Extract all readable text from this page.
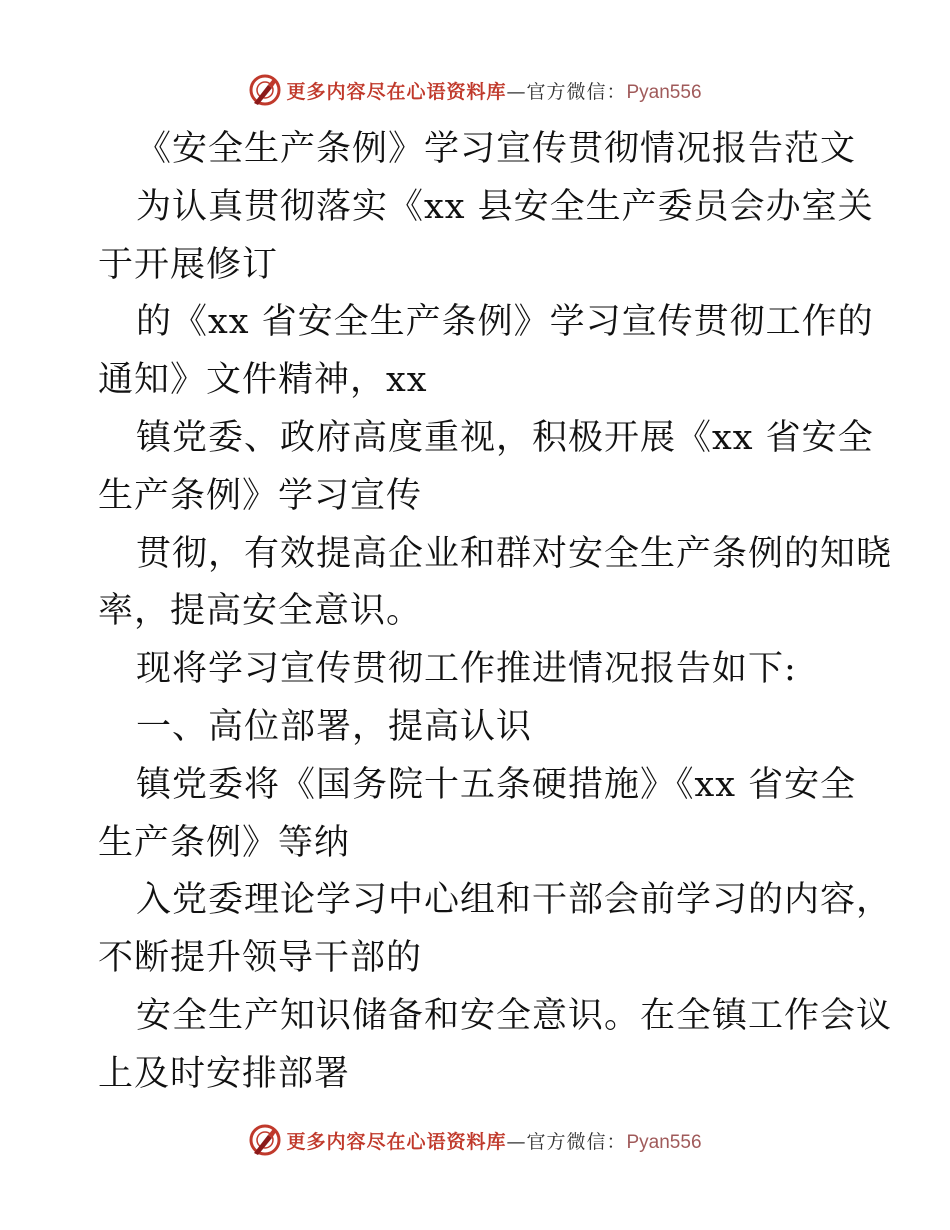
更多内容尽在心语资料库—官方微信：Pyan556
《安全生产条例》学习宣传贯彻情况报告范文
为认真贯彻落实《xx 县安全生产委员会办室关
于开展修订
的《xx 省安全生产条例》学习宣传贯彻工作的
通知》文件精神，xx
镇党委、政府高度重视，积极开展《xx 省安全
生产条例》学习宣传
贯彻，有效提高企业和群对安全生产条例的知晓
率，提高安全意识。
现将学习宣传贯彻工作推进情况报告如下:
一、高位部署，提高认识
镇党委将《国务院十五条硬措施》《xx 省安全
生产条例》等纳
入党委理论学习中心组和干部会前学习的内容，
不断提升领导干部的
安全生产知识储备和安全意识。在全镇工作会议
上及时安排部署
更多内容尽在心语资料库—官方微信：Pyan556
